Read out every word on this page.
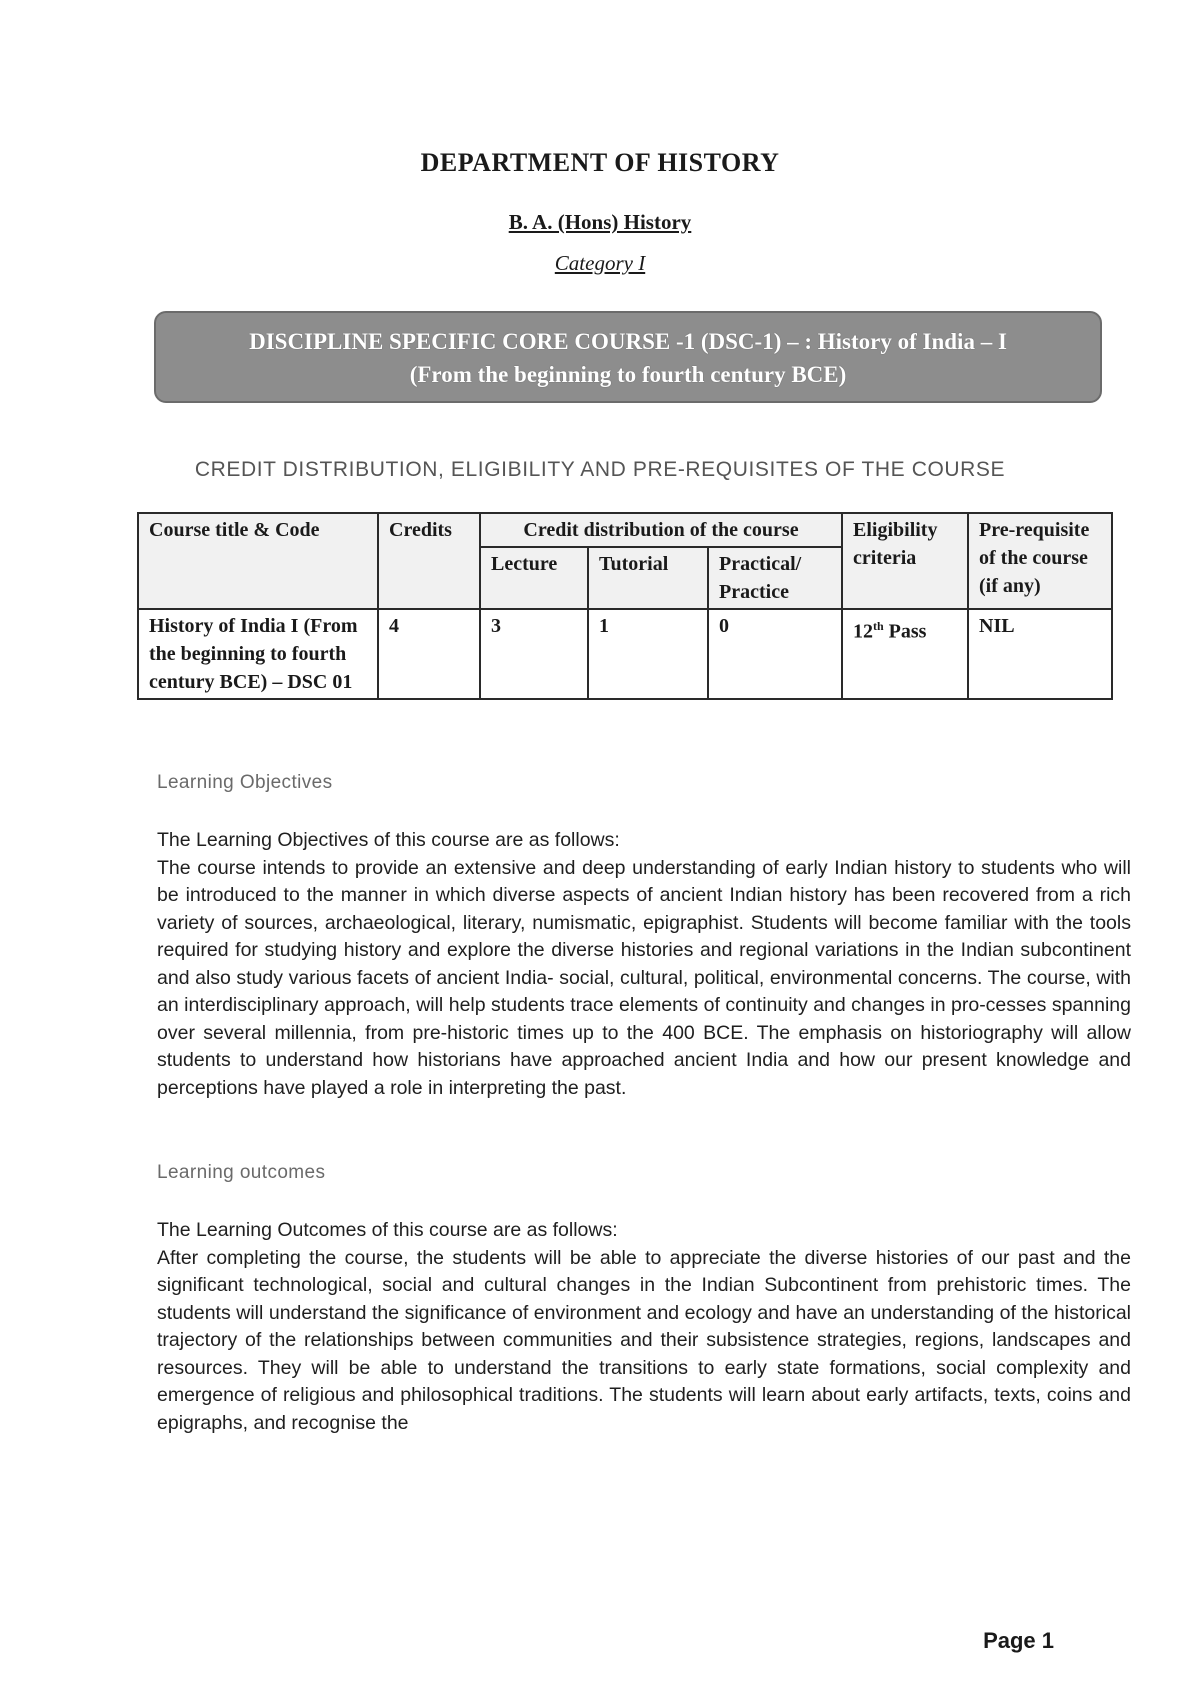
DEPARTMENT OF HISTORY
B. A. (Hons) History
Category I
DISCIPLINE SPECIFIC CORE COURSE -1 (DSC-1) – : History of India – I
(From the beginning to fourth century BCE)
CREDIT DISTRIBUTION, ELIGIBILITY AND PRE-REQUISITES OF THE COURSE
Course title & Code	Credits	Credit distribution of the course			Eligibility criteria	Pre-requisite of the course (if any)
		Lecture	Tutorial	Practical/ Practice		
History of India I (From the beginning to fourth century BCE) – DSC 01	4	3	1	0	12th Pass	NIL
Learning Objectives

The Learning Objectives of this course are as follows:

The course intends to provide an extensive and deep understanding of early Indian history to students who will be introduced to the manner in which diverse aspects of ancient Indian history has been recovered from a rich variety of sources, archaeological, literary, numismatic, epigraphist. Students will become familiar with the tools required for studying history and explore the diverse histories and regional variations in the Indian subcontinent and also study various facets of ancient India- social, cultural, political, environmental concerns. The course, with an interdisciplinary approach, will help students trace elements of continuity and changes in pro-cesses spanning over several millennia, from pre-historic times up to the 400 BCE. The emphasis on historiography will allow students to understand how historians have approached ancient India and how our present knowledge and perceptions have played a role in interpreting the past.

Learning outcomes

The Learning Outcomes of this course are as follows:

After completing the course, the students will be able to appreciate the diverse histories of our past and the significant technological, social and cultural changes in the Indian Subcontinent from prehistoric times. The students will understand the significance of environment and ecology and have an understanding of the historical trajectory of the relationships between communities and their subsistence strategies, regions, landscapes and resources. They will be able to understand the transitions to early state formations, social complexity and emergence of religious and philosophical traditions. The students will learn about early artifacts, texts, coins and epigraphs, and recognise the

Page 1
